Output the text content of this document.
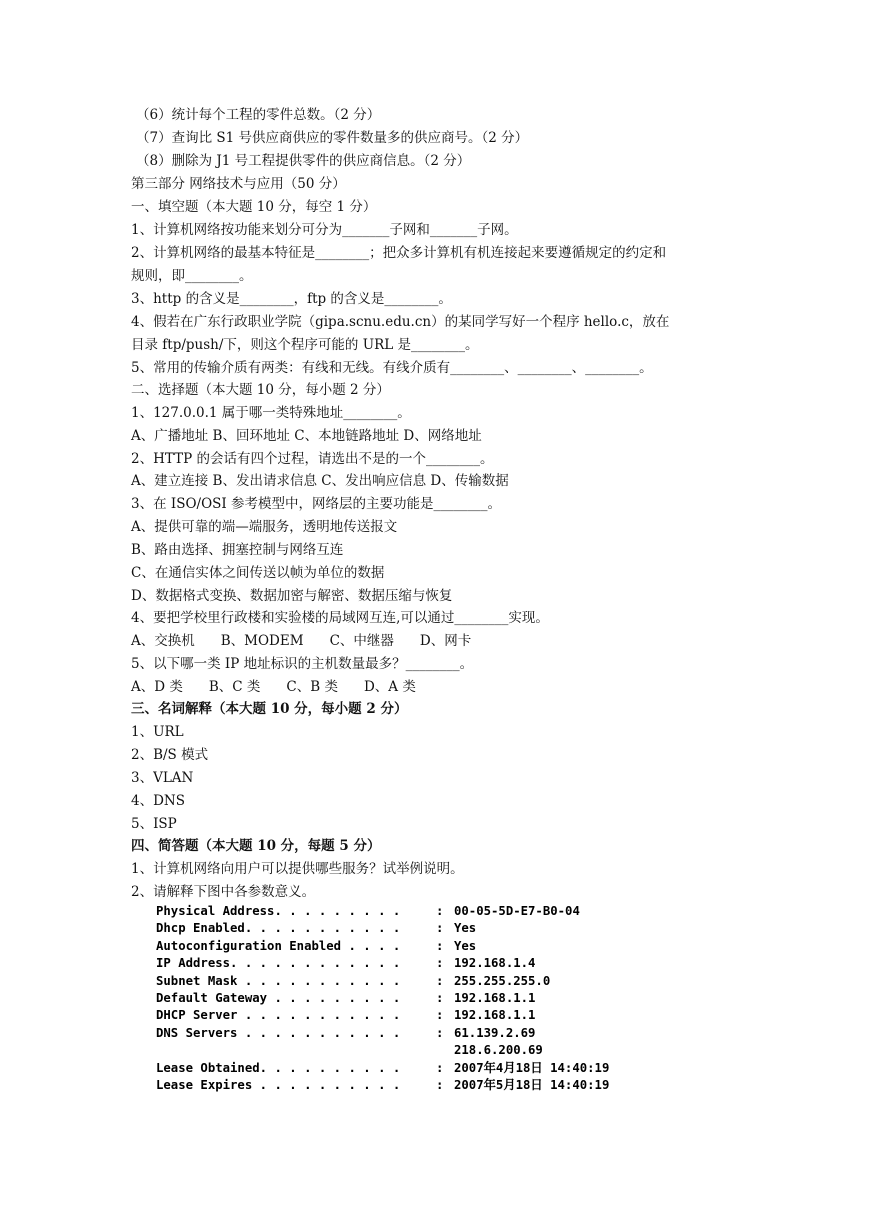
（6）统计每个工程的零件总数。（2 分）
（7）查询比 S1 号供应商供应的零件数量多的供应商号。（2 分）
（8）删除为 J1 号工程提供零件的供应商信息。（2 分）
第三部分 网络技术与应用（50 分）
一、填空题（本大题 10 分，每空 1 分）
1、计算机网络按功能来划分可分为_______子网和_______子网。
2、计算机网络的最基本特征是________；把众多计算机有机连接起来要遵循规定的约定和
规则，即________。
3、http 的含义是________，ftp 的含义是________。
4、假若在广东行政职业学院（gipa.scnu.edu.cn）的某同学写好一个程序 hello.c，放在
目录 ftp/push/下，则这个程序可能的 URL 是________。
5、常用的传输介质有两类：有线和无线。有线介质有________、________、________。
二、选择题（本大题 10 分，每小题 2 分）
1、127.0.0.1 属于哪一类特殊地址________。
A、广播地址 B、回环地址 C、本地链路地址 D、网络地址
2、HTTP 的会话有四个过程，请选出不是的一个________。
A、建立连接 B、发出请求信息 C、发出响应信息 D、传输数据
3、在 ISO/OSI 参考模型中，网络层的主要功能是________。
A、提供可靠的端—端服务，透明地传送报文
B、路由选择、拥塞控制与网络互连
C、在通信实体之间传送以帧为单位的数据
D、数据格式变换、数据加密与解密、数据压缩与恢复
4、要把学校里行政楼和实验楼的局域网互连,可以通过________实现。
A、交换机 B、MODEM C、中继器 D、网卡
5、以下哪一类 IP 地址标识的主机数量最多？________。
A、D 类 B、C 类 C、B 类 D、A 类
三、名词解释（本大题 10 分，每小题 2 分）
1、URL
2、B/S 模式
3、VLAN
4、DNS
5、ISP
四、简答题（本大题 10 分，每题 5 分）
1、计算机网络向用户可以提供哪些服务？试举例说明。
2、请解释下图中各参数意义。
Physical Address. . . . . . . . .	: 00-05-5D-E7-B0-04
Dhcp Enabled. . . . . . . . . . .	: Yes
Autoconfiguration Enabled . . . .	: Yes
IP Address. . . . . . . . . . . .	: 192.168.1.4
Subnet Mask . . . . . . . . . . .	: 255.255.255.0
Default Gateway . . . . . . . . .	: 192.168.1.1
DHCP Server . . . . . . . . . . .	: 192.168.1.1
DNS Servers . . . . . . . . . . .	: 61.139.2.69
218.6.200.69
Lease Obtained. . . . . . . . . .	: 2007年4月18日 14:40:19
Lease Expires . . . . . . . . . .	: 2007年5月18日 14:40:19
